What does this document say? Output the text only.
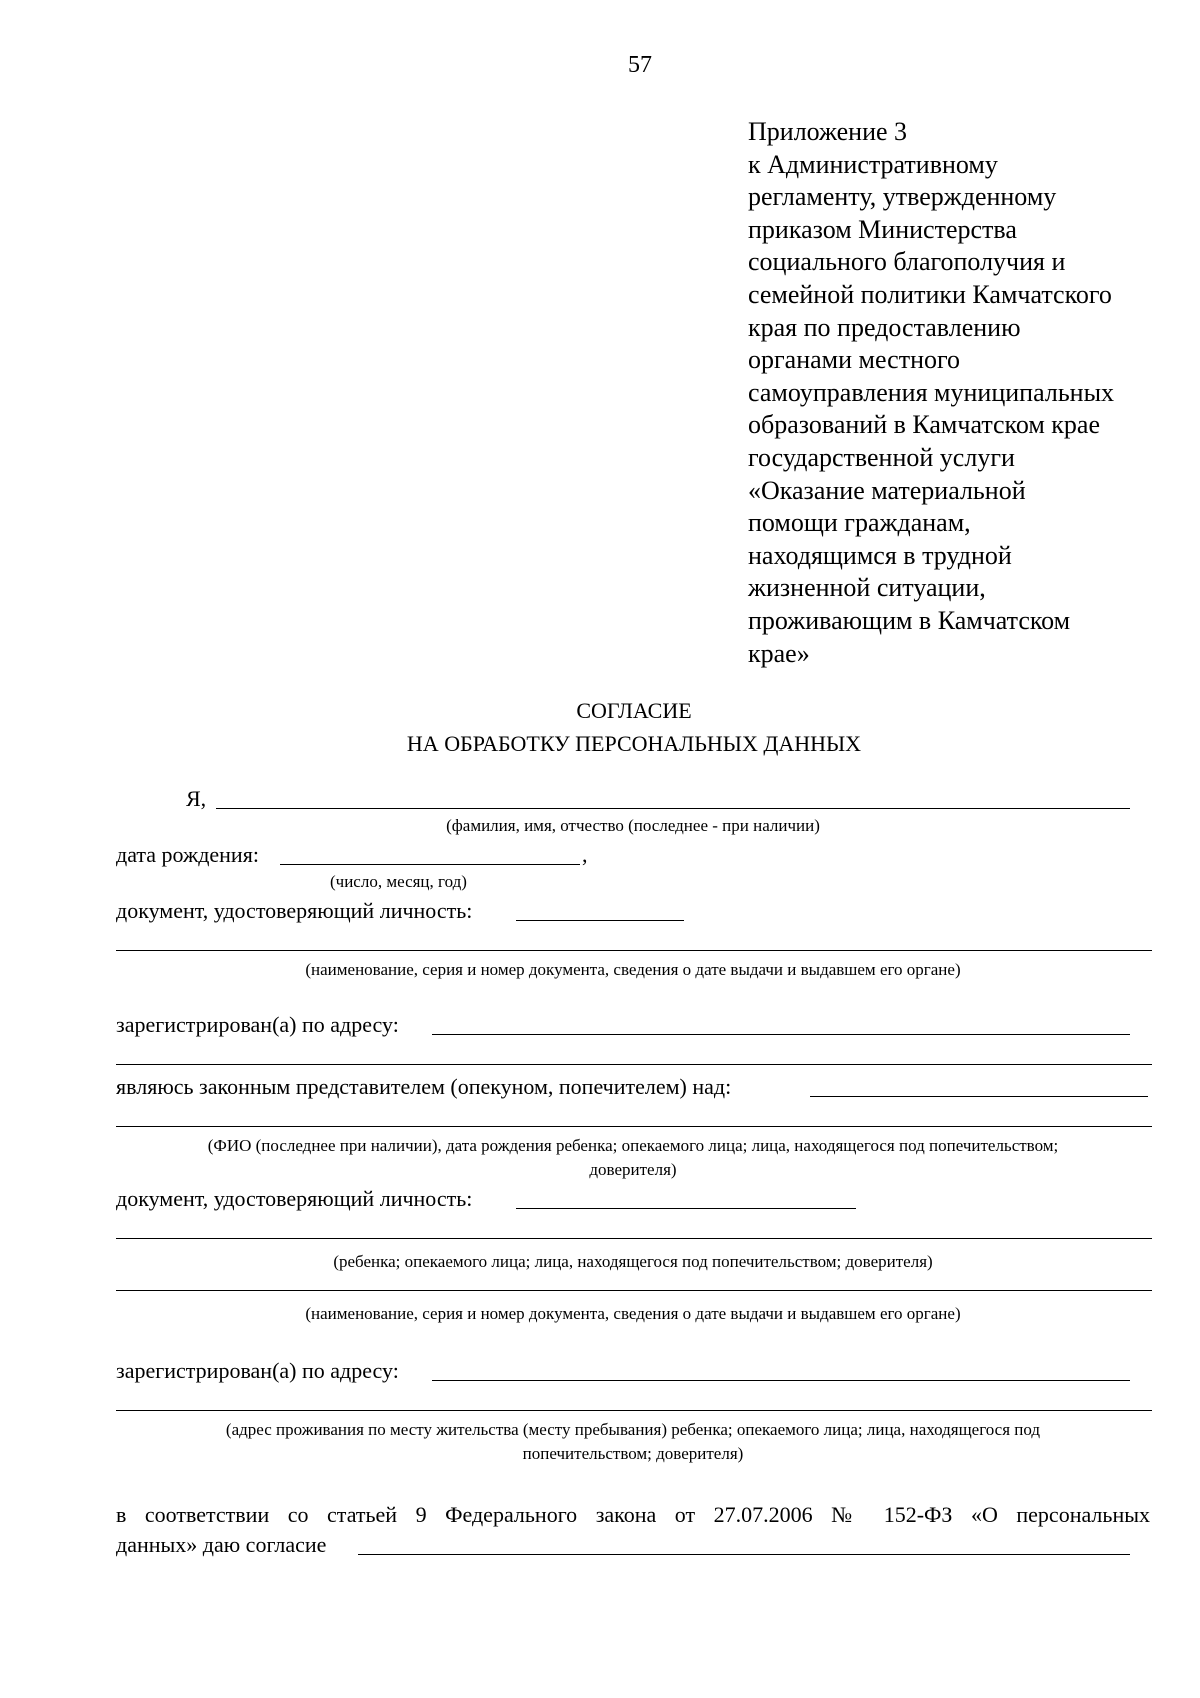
57
Приложение 3
к Административному
регламенту, утвержденному
приказом Министерства
социального благополучия и
семейной политики Камчатского
края по предоставлению
органами местного
самоуправления муниципальных
образований в Камчатском крае
государственной услуги
«Оказание материальной
помощи гражданам,
находящимся в трудной
жизненной ситуации,
проживающим в Камчатском
крае»
СОГЛАСИЕ
НА ОБРАБОТКУ ПЕРСОНАЛЬНЫХ ДАННЫХ
Я,
(фамилия, имя, отчество (последнее - при наличии)
дата рождения:	,
(число, месяц, год)
документ, удостоверяющий личность:
(наименование, серия и номер документа, сведения о дате выдачи и выдавшем его органе)
зарегистрирован(а) по адресу:
являюсь законным представителем (опекуном, попечителем) над:
(ФИО (последнее при наличии), дата рождения ребенка; опекаемого лица; лица, находящегося под попечительством;
доверителя)
документ, удостоверяющий личность:
(ребенка; опекаемого лица; лица, находящегося под попечительством; доверителя)
(наименование, серия и номер документа, сведения о дате выдачи и выдавшем его органе)
зарегистрирован(а) по адресу:
(адрес проживания по месту жительства (месту пребывания) ребенка; опекаемого лица; лица, находящегося под
попечительством; доверителя)
в соответствии со статьей 9 Федерального закона от 27.07.2006 № 152-ФЗ «О персональных
данных» даю согласие
